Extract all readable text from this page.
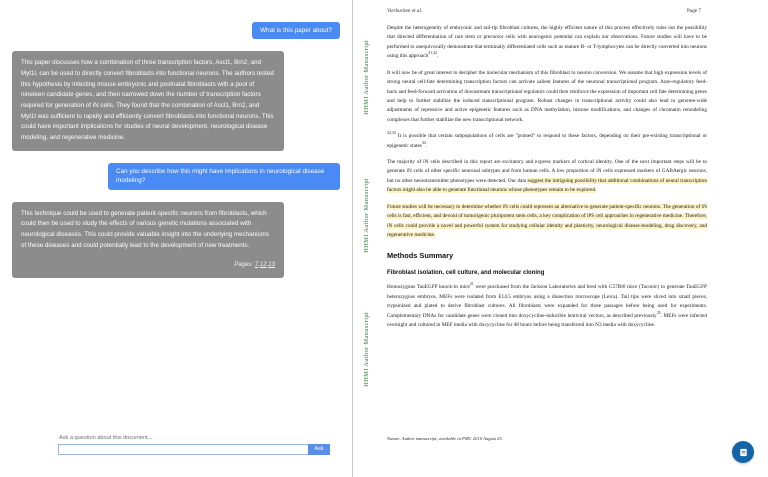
What is this paper about?

This paper discusses how a combination of three transcription factors, Ascl1, Brn2, and Myt1l, can be used to directly convert fibroblasts into functional neurons. The authors tested this hypothesis by infecting mouse embryonic and postnatal fibroblasts with a pool of nineteen candidate genes, and then narrowed down the number of transcription factors required for generation of iN cells. They found that the combination of Ascl1, Brn2, and Myt1l was sufficient to rapidly and efficiently convert fibroblasts into functional neurons. This could have important implications for studies of neural development, neurological disease modeling, and regenerative medicine.

Can you describe how this might have implications in neurological disease modeling?

This technique could be used to generate patient-specific neurons from fibroblasts, which could then be used to study the effects of various genetic mutations associated with neurological diseases. This could provide valuable insight into the underlying mechanisms of these diseases and could potentially lead to the development of new treatments.

Pages: 7,12,13
Ask a question about this document...
Ask
HHMI Author Manuscript
HHMI Author Manuscript
HHMI Author Manuscript
Vierbuchen et al.	Page 7

Despite the heterogeneity of embryonic and tail-tip fibroblast cultures, the highly efficient nature of this process effectively rules out the possibility that directed differentiation of rare stem or precursor cells with neurogenic potential can explain our observations. Future studies will have to be performed to unequivocally demonstrate that terminally differentiated cells such as mature B- or T-lymphocytes can be directly converted into neurons using this approach$^{31,32}$.

It will now be of great interest to decipher the molecular mechanism of this fibroblast to neuron conversion. We assume that high expression levels of strong neural cell-fate determining transcription factors can activate salient features of the neuronal transcriptional program. Auto-regulatory feed-back and feed-forward activation of downstream transcriptional regulators could then reinforce the expression of important cell fate determining genes and help to further stabilize the induced transcriptional program. Robust changes in transcriptional activity could also lead to genome-wide adjustments of repressive and active epigenetic features such as DNA methylation, histone modifications, and changes of chromatin remodeling complexes that further stabilize the new transcriptional network.

$^{32,33}$ It is possible that certain subpopulations of cells are "primed" to respond to these factors, depending on their pre-existing transcriptional or epigenetic states$^{34}$.

The majority of iN cells described in this report are excitatory and express markers of cortical identity. One of the next important steps will be to generate iN cells of other specific neuronal subtypes and from human cells. A low proportion of iN cells expressed markers of GABAergic neurons, but no other neurotransmitter phenotypes were detected. Our data suggest the intriguing possibility that additional combinations of neural transcription factors might also be able to generate functional neurons whose phenotypes remain to be explored.

Future studies will be necessary to determine whether iN cells could represent an alternative to generate patient-specific neurons. The generation of iN cells is fast, efficient, and devoid of tumorigenic pluripotent stem cells, a key complication of iPS cell approaches in regenerative medicine. Therefore, iN cells could provide a novel and powerful system for studying cellular identity and plasticity, neurological disease-modeling, drug discovery, and regenerative medicine.

Methods Summary
Fibroblast isolation, cell culture, and molecular cloning

Homozygous TauEGFP knock-in mice$^{21}$ were purchased from the Jackson Laboratories and bred with C57Bl6 mice (Taconic) to generate TauEGFP heterozygous embryos. MEFs were isolated from E14.5 embryos using a dissection microscope (Leica). Tail tips were sliced into small pieces, trypsinized and plated to derive fibroblast cultures. All fibroblasts were expanded for three passages before being used for experiments. Complementary DNAs for candidate genes were cloned into doxycycline-inducible lentiviral vectors, as described previously$^{35}$. MEFs were infected overnight and cultured in MEF media with doxycycline for 48 hours before being transferred into N3 media with doxycycline.

Nature. Author manuscript; available in PMC 2010 August 25.
